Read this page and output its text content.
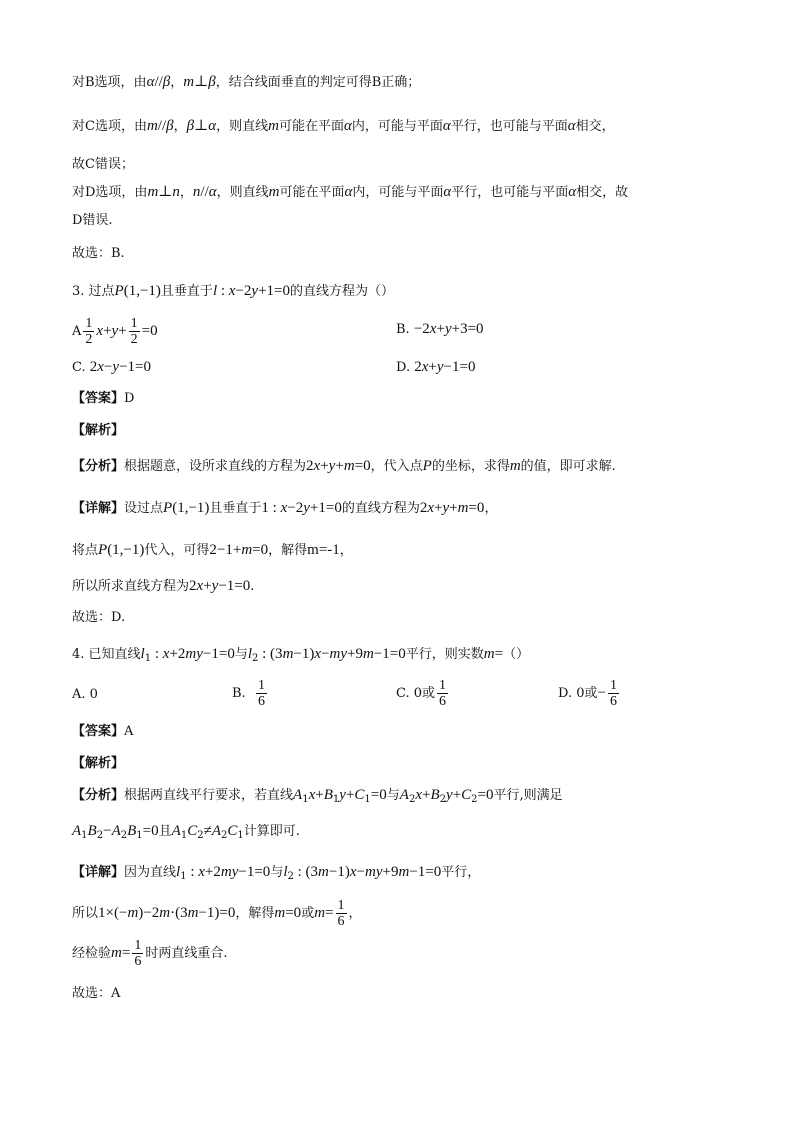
对B选项，由α//β，m⊥β，结合线面垂直的判定可得B正确；
对C选项，由m//β，β⊥α，则直线m可能在平面α内，可能与平面α平行，也可能与平面α相交，
故C错误；
对D选项，由m⊥n，n//α，则直线m可能在平面α内，可能与平面α平行，也可能与平面α相交，故
D错误.
故选：B.
3. 过点P(1,−1)且垂直于l : x−2y+1=0的直线方程为（）
A $\frac{1}{2} x+y+ \frac{1}{2} =0$	B. −2x+y+3=0
C. 2x−y−1=0	D. 2x+y−1=0
【答案】D
【解析】
【分析】根据题意，设所求直线的方程为2x+y+m=0，代入点P的坐标，求得m的值，即可求解.
【详解】设过点P(1,−1)且垂直于1 : x−2y+1=0的直线方程为2x+y+m=0，
将点P(1,−1)代入，可得2−1+m=0，解得m=-1，
所以所求直线方程为2x+y−1=0.
故选：D.
4. 已知直线$l_1$ : x+2my−1=0与$l_2$ : (3m−1)x−my+9m−1=0平行，则实数m=（）
A. 0	B. $\frac{1}{6}$	C. 0或 $\frac{1}{6}$	D. 0或− $\frac{1}{6}$
【答案】A
【解析】
【分析】根据两直线平行要求，若直线$A_1x+B_1y+C_1=0$与$A_2x+B_2y+C_2=0$平行,则满足
$A_1B_2-A_2B_1=0$且$A_1C_2\ne A_2C_1$计算即可.
【详解】因为直线$l_1$ : x+2my−1=0与$l_2$ : (3m−1)x−my+9m−1=0平行，
所以1×(−m)−2m·(3m−1)=0，解得m=0或$m= \frac{1}{6}$ ，
经检验$m= \frac{1}{6}$ 时两直线重合.
故选：A
